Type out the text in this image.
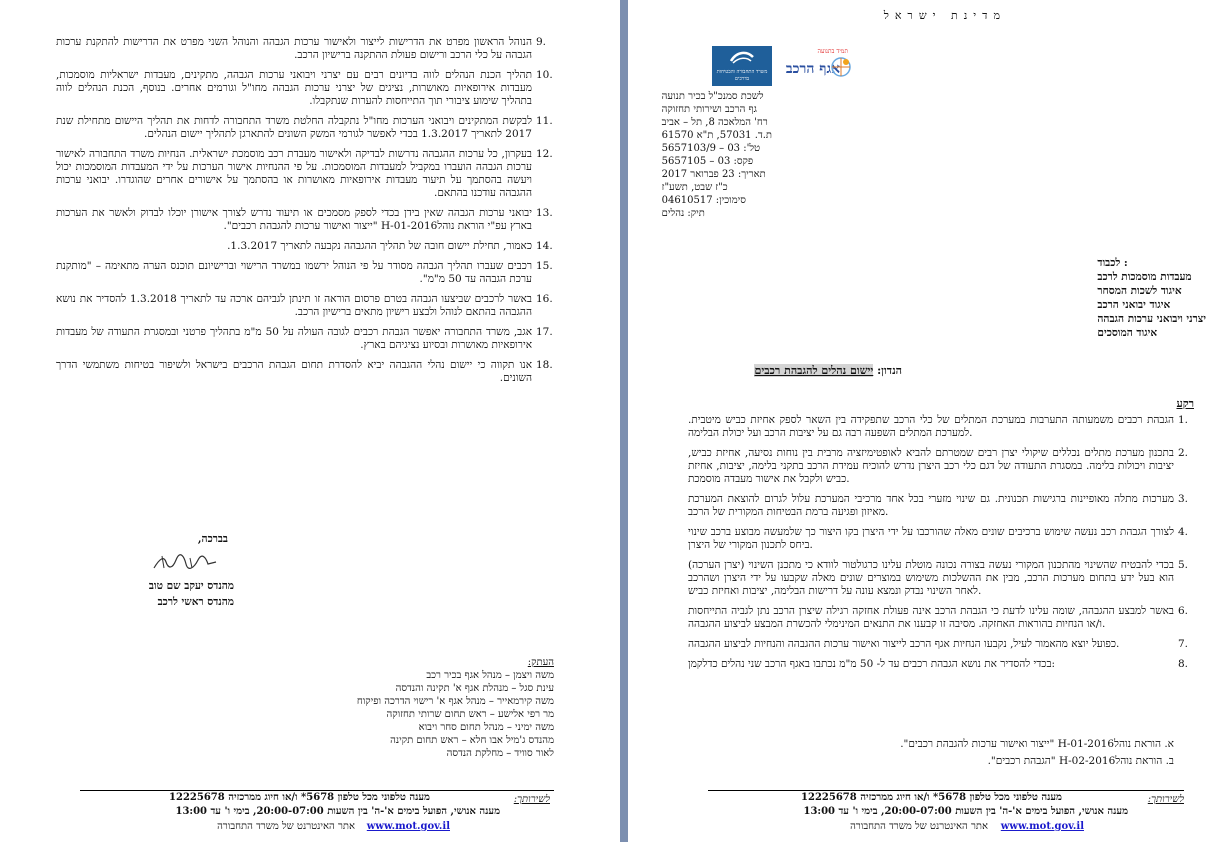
9.
הנוהל הראשון מפרט את הדרישות לייצור ולאישור ערכות הגבהה והנוהל השני מפרט את הדרישות להתקנת ערכות הגבהה על כלי הרכב ורישום פעולת ההתקנה ברישיון הרכב.
10.
תהליך הכנת הנהלים לווה בדיונים רבים עם יצרני ויבואני ערכות הגבהה, מתקינים, מעבדות ישראליות מוסמכות, מעבדות אירופאיות מאושרות, נציגים של יצרני ערכות הגבהה מחו"ל וגורמים אחרים. בנוסף, הכנת הנהלים לווה בתהליך שימוע ציבורי תוך התייחסות להערות שנתקבלו.
11.
לבקשת המתקינים ויבואני הערכות מחו"ל נתקבלה החלטת משרד התחבורה לדחות את תהליך היישום מתחילת שנת 2017 לתאריך 1.3.2017 בכדי לאפשר לגורמי המשק השונים להתארגן לתהליך יישום הנהלים.
12.
בעקרון, כל ערכות ההגבהה נדרשות לבדיקה ולאישור מעבדת רכב מוסמכת ישראלית. הנחיות משרד התחבורה לאישור ערכות הגבהה הועברו במקביל למעבדות המוסמכות. על פי ההנחיות אישור הערכות על ידי המעבדות המוסמכות יכול ויעשה בהסתמך על תיעוד מעבדות אירופאיות מאושרות או בהסתמך על אישורים אחרים שהוגדרו. יבואני ערכות ההגבהה עודכנו בהתאם.
13.
יבואני ערכות הגבהה שאין בידן בכדי לספק מסמכים או תיעוד נדרש לצורך אישורן יוכלו לבדוק ולאשר את הערכות בארץ עפ"י הוראת נוהלH-01-2016 "ייצור ואישור ערכות להגבהת רכבים".
14.
כאמור, תחילת יישום חובה של תהליך ההגבהה נקבעה לתאריך 1.3.2017.
15.
רכבים שעברו תהליך הגבהה מסודר על פי הנוהל ירשמו במשרד הרישוי וברישיונם תוכנס הערה מתאימה – "מותקנת ערכת הגבהה עד 50 מ"מ".
16.
באשר לרכבים שביצעו הגבהה בטרם פרסום הוראה זו תינתן לגביהם ארכה עד לתאריך 1.3.2018 להסדיר את נושא ההגבהה בהתאם לנוהל ולבצע רישיון מתאים ברישיון הרכב.
17.
אגב, משרד התחבורה יאפשר הגבהת רכבים לגובה העולה על 50 מ"מ בתהליך פרטני ובמסגרת התעודה של מעבדות אירופאיות מאושרות ובסיוע נציגיהם בארץ.
18.
אנו תקווה כי יישום נהלי ההגבהה יביא להסדרת תחום הגבהת הרכבים בישראל ולשיפור בטיחות משתמשי הדרך השונים.
בברכה,
מהנדס יעקב שם טוב
מהנדס ראשי לרכב
העתק:
משה ויצמן – מנהל אגף בכיר רכב
עינת סגל – מנהלת אגף א' תקינה והנדסה
משה קירמאייר – מנהל אגף א' רישוי הדרכה ופיקוח
מר רפי אלישע – ראש תחום שרותי תחזוקה
משה ימיני – מנהל תחום סחר ויבוא
מהנדס ג'מיל אבו חלא – ראש תחום תקינה
לאור סוויד – מחלקת הנדסה
לשירותך:
מענה טלפוני מכל טלפון 5678* ו/או חיוג ממרכזיה 12225678
מענה אנושי, הפועל בימים א'-ה' בין השעות 20:00-07:00, בימי ו' עד 13:00
אתר האינטרנט של משרד התחבורה www.mot.gov.il
מדינת ישראל
משרד התחבורה והבטיחות בדרכים
תמיד בתנועה
אגף הרכב
לשכת סמנכ"ל בכיר תנועה
גף הרכב ושירותי תחזוקה
רח' המלאכה 8, תל – אביב
ת.ד. 57031, ת"א 61570
טל': 03 – 5657103/9
פקס: 03 – 5657105
תאריך: 23 פברואר 2017
כ"ז שבט, תשע"ז
סימוכין: 04610517
תיק: נהלים
לכבוד :
מעבדות מוסמכות לרכב
איגוד לשכות המסחר
איגוד יבואני הרכב
יצרני ויבואני ערכות הגבהה
איגוד המוסכים
הנדון: יישום נהלים להגבהת רכבים
רקע
1.
הגבהת רכבים משמעותה התערבות במערכת המתלים של כלי הרכב שתפקידה בין השאר לספק אחיזת כביש מיטבית. למערכת המתלים השפעה רבה גם על יציבות הרכב ועל יכולת הבלימה.
2.
בתכנון מערכת מתלים נכללים שיקולי יצרן רבים שמטרתם להביא לאופטימיזציה מרבית בין נוחות נסיעה, אחיזת כביש, יציבות ויכולות בלימה. במסגרת התעודה של דגם כלי רכב היצרן נדרש להוכיח עמידת הרכב בתקני בלימה, יציבות, אחיזת כביש ולקבל את אישור מעבדה מוסמכת.
3.
מערכות מתלה מאופיינות ברגישות תכנונית. גם שינוי מזערי בכל אחד מרכיבי המערכת עלול לגרום להוצאת המערכת מאיזון ופגיעה ברמת הבטיחות המקורית של הרכב.
4.
לצורך הגבהת רכב נעשה שימוש ברכיבים שונים מאלה שהורכבו על ידי היצרן בקו היצור כך שלמעשה מבוצע ברכב שינוי ביחס לתכנון המקורי של היצרן.
5.
בכדי להבטיח שהשינוי מהתכנון המקורי נעשה בצורה נכונה מוטלת עלינו כרגולטור לוודא כי מתכנן השינוי (יצרן הערכה) הוא בעל ידע בתחום מערכות הרכב, מבין את ההשלכות משימוש במוצרים שונים מאלה שקבעו על ידי היצרן ושהרכב לאחר השינוי נבדק ונמצא עונה על דרישות הבלימה, יציבות ואחיזת כביש.
6.
באשר למבצע ההגבהה, שומה עלינו לדעת כי הגבהת הרכב אינה פעולת אחזקה רגילה שיצרן הרכב נתן לגביה התייחסות ו/או הנחיות בהוראות האחזקה. מסיבה זו קבענו את התנאים המינימלי להכשרת המבצע לביצוע ההגבהה.
7.
כפועל יוצא מהאמור לעיל, נקבעו הנחיות אגף הרכב לייצור ואישור ערכות ההגבהה והנחיות לביצוע ההגבהה.
8.
בכדי להסדיר את נושא הגבהת רכבים עד ל- 50 מ"מ נכתבו באגף הרכב שני נהלים כדלקמן:
א. הוראת נוהלH-01-2016 "ייצור ואישור ערכות להגבהת רכבים".
ב. הוראת נוהלH-02-2016 "הגבהת רכבים".
לשירותך:
מענה טלפוני מכל טלפון 5678* ו/או חיוג ממרכזיה 12225678
מענה אנושי, הפועל בימים א'-ה' בין השעות 20:00-07:00, בימי ו' עד 13:00
אתר האינטרנט של משרד התחבורה www.mot.gov.il
